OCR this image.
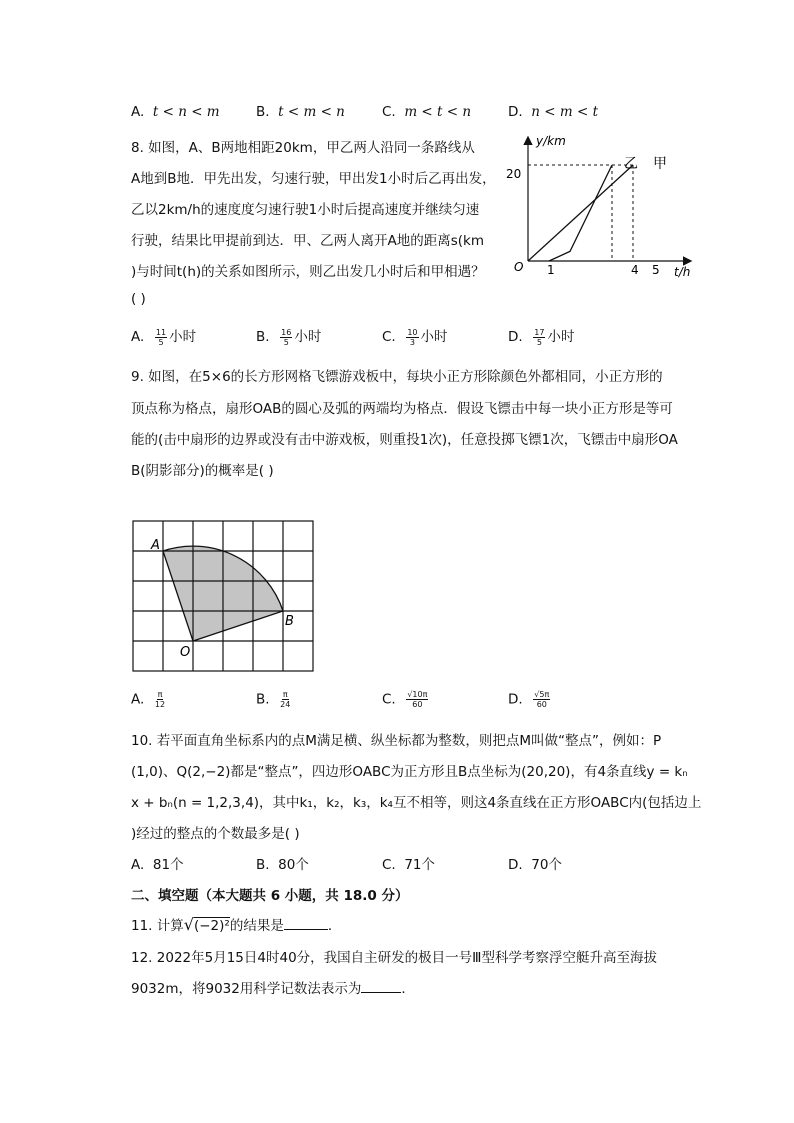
A. t < n < m	B. t < m < n	C. m < t < n	D. n < m < t
8. 如图，A、B两地相距20km，甲乙两人沿同一条路线从
A地到B地．甲先出发，匀速行驶，甲出发1小时后乙再出发，
乙以2km/h的速度度匀速行驶1小时后提高速度并继续匀速
行驶，结果比甲提前到达．甲、乙两人离开A地的距离s(km
)与时间t(h)的关系如图所示，则乙出发几小时后和甲相遇？
( )
y/km
t/h
O
20
1	4 5
乙 甲
A. $\frac{11}{5}$ 小时	B. $\frac{16}{5}$ 小时	C. $\frac{10}{3}$ 小时	D. $\frac{17}{5}$ 小时
9. 如图，在5×6的长方形网格飞镖游戏板中，每块小正方形除颜色外都相同，小正方形的
顶点称为格点，扇形OAB的圆心及弧的两端均为格点．假设飞镖击中每一块小正方形是等可
能的(击中扇形的边界或没有击中游戏板，则重投1次)，任意投掷飞镖1次，飞镖击中扇形OA
B(阴影部分)的概率是( )
A
B
O
A. $\frac{\pi}{12}$	B. $\frac{\pi}{24}$	C. $\frac{√10\pi}{60}$	D. $\frac{√5\pi}{60}$
10. 若平面直角坐标系内的点M满足横、纵坐标都为整数，则把点M叫做“整点”，例如：P
(1,0)、Q(2,−2)都是“整点”，四边形OABC为正方形且B点坐标为(20,20)，有4条直线y = kₙ
x + bₙ(n = 1,2,3,4)，其中k₁，k₂，k₃，k₄互不相等，则这4条直线在正方形OABC内(包括边上
)经过的整点的个数最多是( )
A. 81个	B. 80个	C. 71个	D. 70个
二、填空题（本大题共 6 小题，共 18.0 分）
11. 计算√(−2)²的结果是	．
12. 2022年5月15日4时40分，我国自主研发的极目一号Ⅲ型科学考察浮空艇升高至海拔
9032m，将9032用科学记数法表示为	．
